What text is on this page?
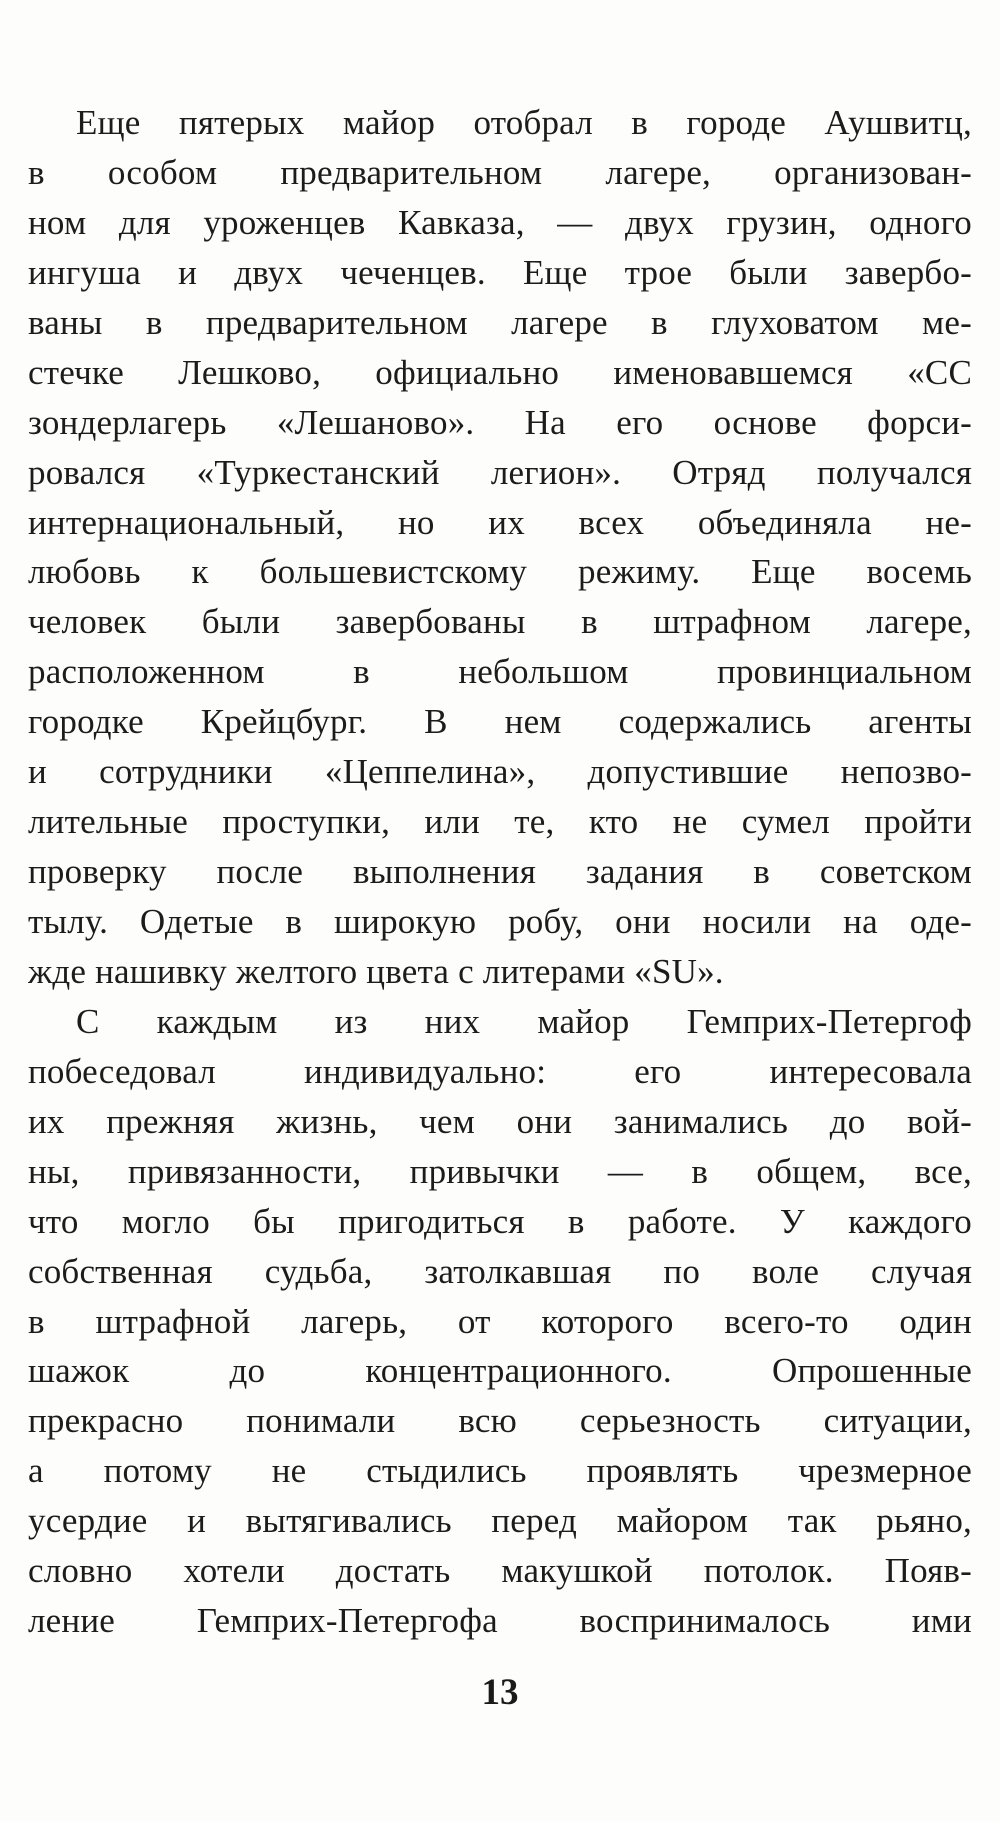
Еще пятерых майор отобрал в городе Аушвитц,
в особом предварительном лагере, организован-
ном для уроженцев Кавказа, — двух грузин, одного
ингуша и двух чеченцев. Еще трое были завербо-
ваны в предварительном лагере в глуховатом ме-
стечке Лешково, официально именовавшемся «СС
зондерлагерь «Лешаново». На его основе форси-
ровался «Туркестанский легион». Отряд получался
интернациональный, но их всех объединяла не-
любовь к большевистскому режиму. Еще восемь
человек были завербованы в штрафном лагере,
расположенном в небольшом провинциальном
городке Крейцбург. В нем содержались агенты
и сотрудники «Цеппелина», допустившие непозво-
лительные проступки, или те, кто не сумел пройти
проверку после выполнения задания в советском
тылу. Одетые в широкую робу, они носили на оде-
жде нашивку желтого цвета с литерами «SU».
С каждым из них майор Гемприх-Петергоф
побеседовал индивидуально: его интересовала
их прежняя жизнь, чем они занимались до вой-
ны, привязанности, привычки — в общем, все,
что могло бы пригодиться в работе. У каждого
собственная судьба, затолкавшая по воле случая
в штрафной лагерь, от которого всего-то один
шажок до концентрационного. Опрошенные
прекрасно понимали всю серьезность ситуации,
а потому не стыдились проявлять чрезмерное
усердие и вытягивались перед майором так рьяно,
словно хотели достать макушкой потолок. Появ-
ление Гемприх-Петергофа воспринималось ими
13
